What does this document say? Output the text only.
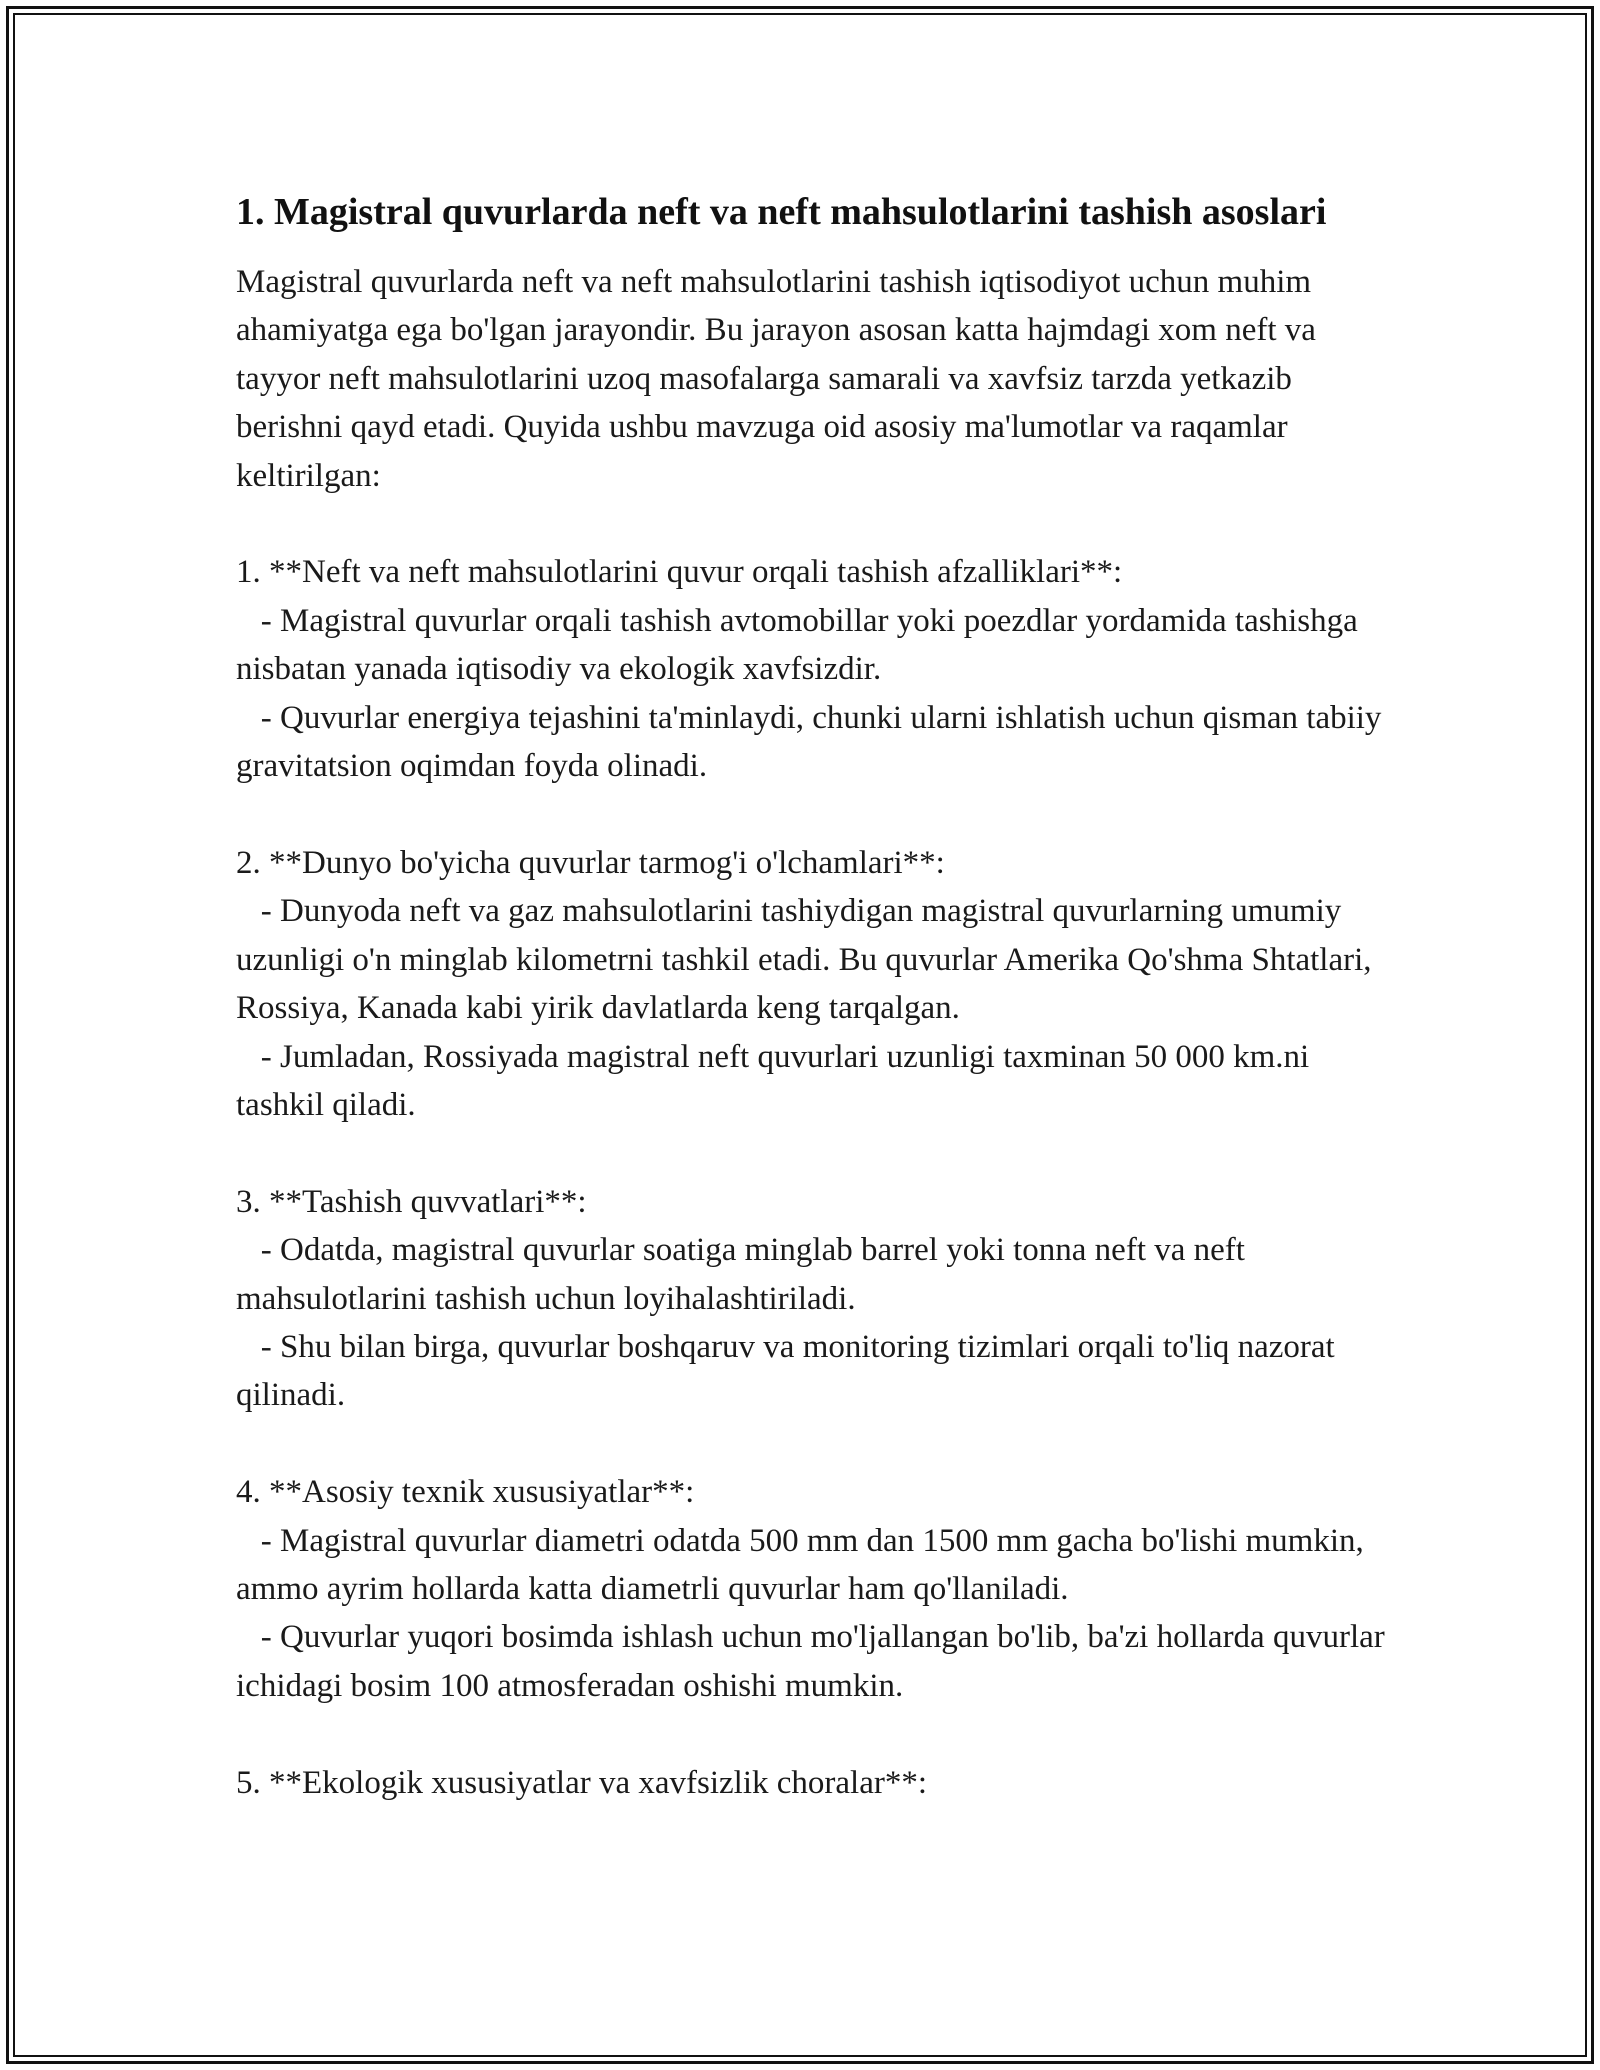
1. Magistral quvurlarda neft va neft mahsulotlarini tashish asoslari

Magistral quvurlarda neft va neft mahsulotlarini tashish iqtisodiyot uchun muhim ahamiyatga ega bo'lgan jarayondir. Bu jarayon asosan katta hajmdagi xom neft va tayyor neft mahsulotlarini uzoq masofalarga samarali va xavfsiz tarzda yetkazib berishni qayd etadi. Quyida ushbu mavzuga oid asosiy ma'lumotlar va raqamlar keltirilgan:

1. **Neft va neft mahsulotlarini quvur orqali tashish afzalliklari**:

- Magistral quvurlar orqali tashish avtomobillar yoki poezdlar yordamida tashishga nisbatan yanada iqtisodiy va ekologik xavfsizdir.

- Quvurlar energiya tejashini ta'minlaydi, chunki ularni ishlatish uchun qisman tabiiy gravitatsion oqimdan foyda olinadi.

2. **Dunyo bo'yicha quvurlar tarmog'i o'lchamlari**:

- Dunyoda neft va gaz mahsulotlarini tashiydigan magistral quvurlarning umumiy uzunligi o'n minglab kilometrni tashkil etadi. Bu quvurlar Amerika Qo'shma Shtatlari, Rossiya, Kanada kabi yirik davlatlarda keng tarqalgan.

- Jumladan, Rossiyada magistral neft quvurlari uzunligi taxminan 50 000 km.ni tashkil qiladi.

3. **Tashish quvvatlari**:

- Odatda, magistral quvurlar soatiga minglab barrel yoki tonna neft va neft mahsulotlarini tashish uchun loyihalashtiriladi.

- Shu bilan birga, quvurlar boshqaruv va monitoring tizimlari orqali to'liq nazorat qilinadi.

4. **Asosiy texnik xususiyatlar**:

- Magistral quvurlar diametri odatda 500 mm dan 1500 mm gacha bo'lishi mumkin, ammo ayrim hollarda katta diametrli quvurlar ham qo'llaniladi.

- Quvurlar yuqori bosimda ishlash uchun mo'ljallangan bo'lib, ba'zi hollarda quvurlar ichidagi bosim 100 atmosferadan oshishi mumkin.

5. **Ekologik xususiyatlar va xavfsizlik choralar**:
